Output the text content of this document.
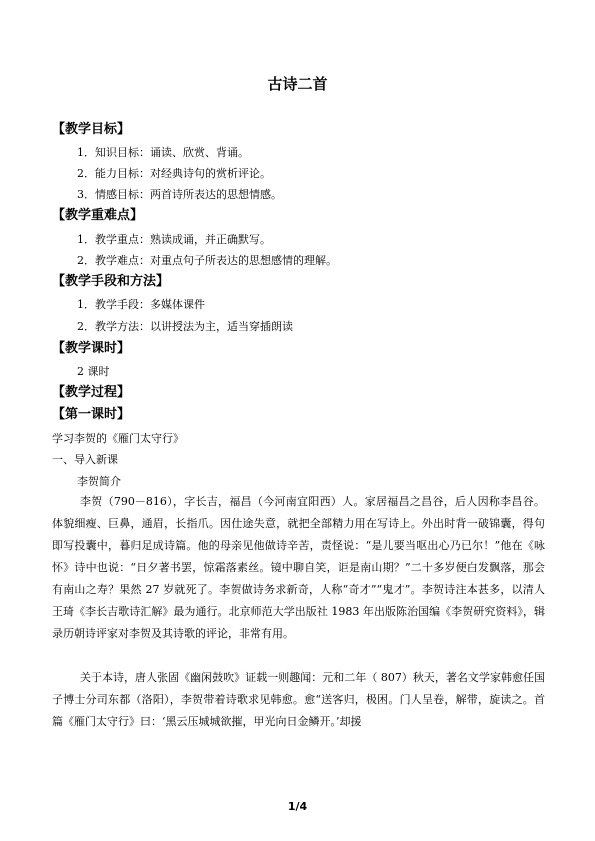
古诗二首
【教学目标】
1．知识目标：诵读、欣赏、背诵。
2．能力目标：对经典诗句的赏析评论。
3．情感目标：两首诗所表达的思想情感。
【教学重难点】
1．教学重点：熟读成诵，并正确默写。
2．教学难点：对重点句子所表达的思想感情的理解。
【教学手段和方法】
1．教学手段：多媒体课件
2．教学方法：以讲授法为主，适当穿插朗读
【教学课时】
2 课时
【教学过程】
【第一课时】
学习李贺的《雁门太守行》
一、导入新课
李贺简介

李贺（790－816），字长吉，福昌（今河南宜阳西）人。家居福昌之昌谷，后人因称李昌谷。体貌细瘦、巨鼻，通眉，长指爪。因仕途失意，就把全部精力用在写诗上。外出时背一破锦囊，得句即写投囊中，暮归足成诗篇。他的母亲见他做诗辛苦，责怪说：“是儿要当呕出心乃已尔！”他在《咏怀》诗中也说：“日夕著书罢，惊霜落素丝。镜中聊自笑，讵是南山期？”二十多岁便白发飘落，那会有南山之寿？果然 27 岁就死了。李贺做诗务求新奇，人称“奇才”“鬼才”。李贺诗注本甚多，以清人王琦《李长吉歌诗汇解》最为通行。北京师范大学出版社 1983 年出版陈治国编《李贺研究资料》，辑录历朝诗评家对李贺及其诗歌的评论，非常有用。

关于本诗，唐人张固《幽闲鼓吹》证载一则趣闻：元和二年（ 807）秋天，著名文学家韩愈任国子博士分司东都（洛阳），李贺带着诗歌求见韩愈。愈“送客归，极困。门人呈卷，解带，旋读之。首篇《雁门太守行》曰：‘黑云压城城欲摧，甲光向日金鳞开。’却援

1/4
